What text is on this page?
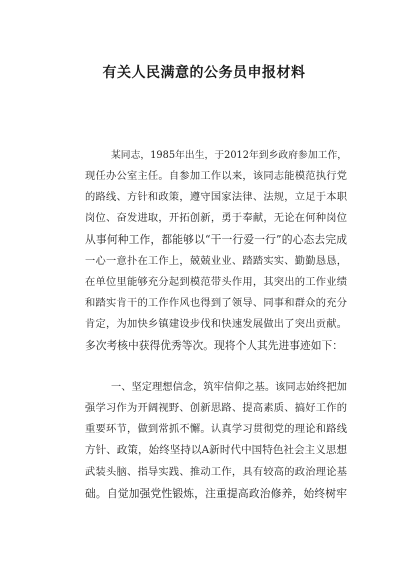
有关人民满意的公务员申报材料
某同志，1985年出生，于2012年到乡政府参加工作，
现任办公室主任。自参加工作以来，该同志能模范执行党
的路线、方针和政策，遵守国家法律、法规，立足于本职
岗位、奋发进取，开拓创新，勇于奉献，无论在何种岗位
从事何种工作，都能够以“干一行爱一行”的心态去完成
一心一意扑在工作上，兢兢业业、踏踏实实、勤勤恳恳，
在单位里能够充分起到模范带头作用，其突出的工作业绩
和踏实肯干的工作作风也得到了领导、同事和群众的充分
肯定，为加快乡镇建设步伐和快速发展做出了突出贡献。
多次考核中获得优秀等次。现将个人其先进事迹如下：
一、坚定理想信念，筑牢信仰之基。该同志始终把加
强学习作为开阔视野、创新思路、提高素质、搞好工作的
重要环节，做到常抓不懈。认真学习贯彻党的理论和路线
方针、政策，始终坚持以A新时代中国特色社会主义思想
武装头脑、指导实践、推动工作，具有较高的政治理论基
础。自觉加强党性锻炼，注重提高政治修养，始终树牢
